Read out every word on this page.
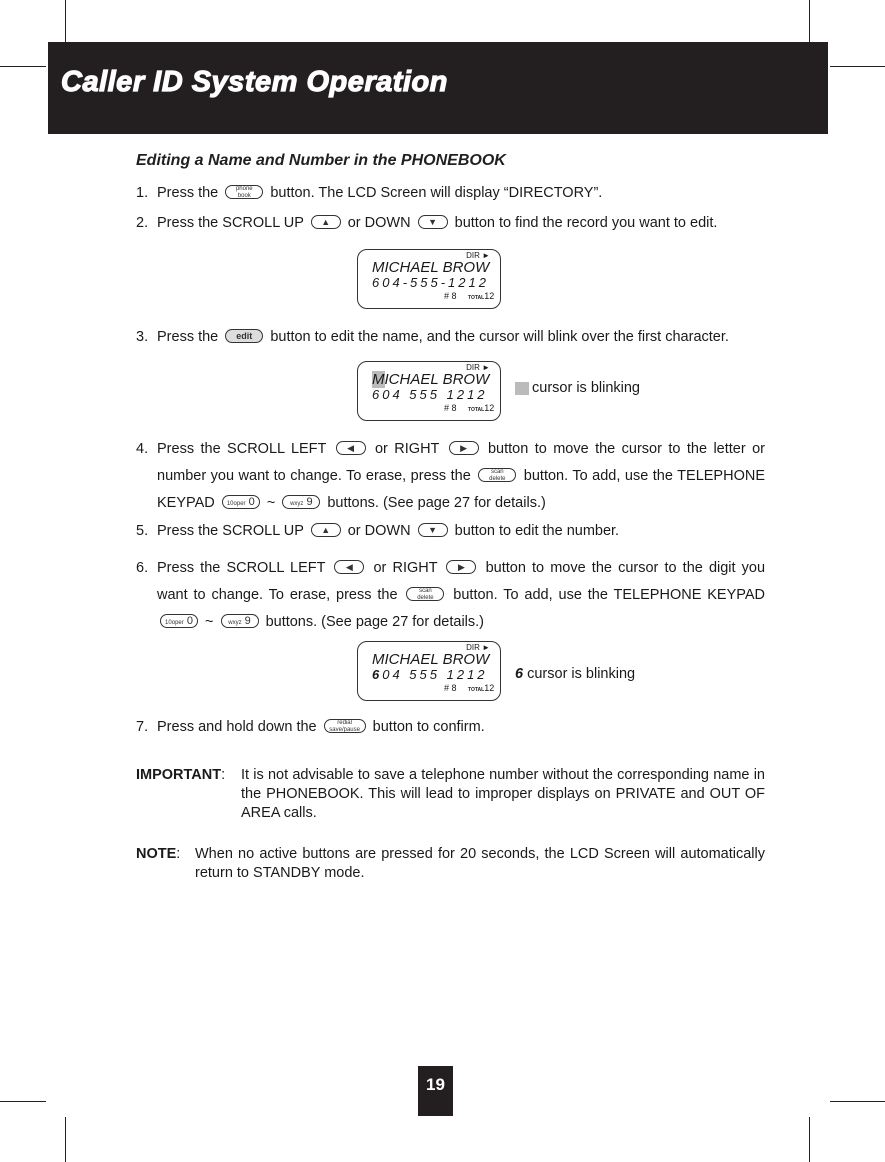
Caller ID System Operation
Editing a Name and Number in the PHONEBOOK
1. Press the	phone
book button. The LCD Screen will display “DIRECTORY”.
2. Press the SCROLL UP ▲ or DOWN ▼ button to find the record you want to edit.
DIR ►
MICHAEL BROW
604-555-1212
# 8 TOTAL12
3. Press the edit button to edit the name, and the cursor will blink over the first character.
DIR ►
MICHAEL BROW
604 555 1212
# 8 TOTAL12
cursor is blinking
4. Press the SCROLL LEFT ◀ or RIGHT ▶ button to move the cursor to the letter or number you want to change. To erase, press the	scan
delete button. To add, use the TELEPHONE KEYPAD 10oper 0 ~ wxyz 9 buttons. (See page 27 for details.)
5. Press the SCROLL UP ▲ or DOWN ▼ button to edit the number.
6. Press the SCROLL LEFT ◀ or RIGHT ▶ button to move the cursor to the digit you want to change. To erase, press the	scan
delete button. To add, use the TELEPHONE KEYPAD 10oper 0 ~ wxyz 9 buttons. (See page 27 for details.)
DIR ►
MICHAEL BROW
604 555 1212
# 8 TOTAL12
6 cursor is blinking
7. Press and hold down the	redial
save/pause button to confirm.
IMPORTANT: It is not advisable to save a telephone number without the corresponding name in the PHONEBOOK. This will lead to improper displays on PRIVATE and OUT OF AREA calls.
NOTE: When no active buttons are pressed for 20 seconds, the LCD Screen will automatically return to STANDBY mode.
19
